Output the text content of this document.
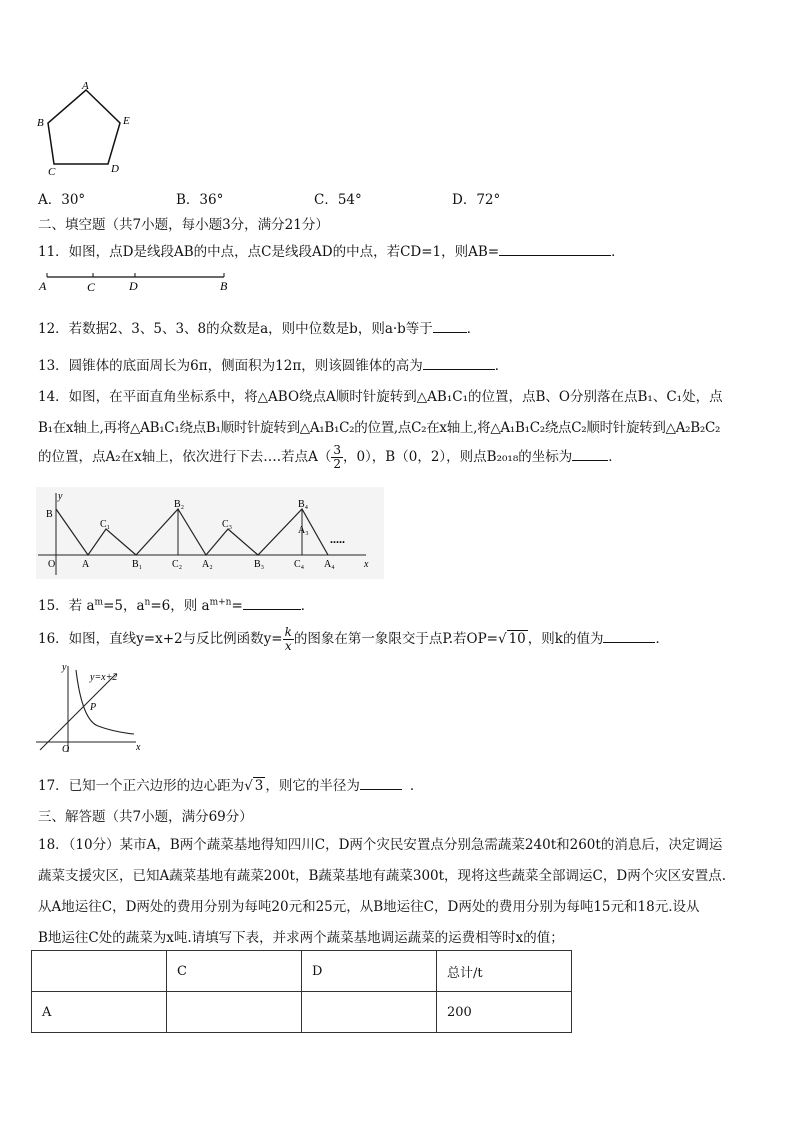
A
B	E
C	D
A．30°	B．36°	C．54°	D．72°
二、填空题（共7小题，每小题3分，满分21分）
11．如图，点D是线段AB的中点，点C是线段AD的中点，若CD=1，则AB=	．
A	C	D	B
12．若数据2、3、5、3、8的众数是a，则中位数是b，则a·b等于	．
13．圆锥体的底面周长为6π，侧面积为12π，则该圆锥体的高为	．
14．如图，在平面直角坐标系中，将△ABO绕点A顺时针旋转到△AB₁C₁的位置，点B、O分别落在点B₁、C₁处，点
B₁在x轴上,再将△AB₁C₁绕点B₁顺时针旋转到△A₁B₁C₂的位置,点C₂在x轴上,将△A₁B₁C₂绕点C₂顺时针旋转到△A₂B₂C₂
的位置，点A₂在x轴上，依次进行下去….若点$A( \frac{3}{2}$ ，0），B（0，2），则点B₂₀₁₈的坐标为	．
y
x
B
O	A
C₁
B₁
B₂
C₂ A₂
C₃
B₃
B₄
A₃
C₄ A₄
.....
15．若 $a^m=5$，$a^n=6$，则 $a^{m+n}=$	．
16．如图，直线y=x+2与反比例函数$y= \frac{k}{x}$ 的图象在第一象限交于点P.若OP=√ 10 ，则k的值为	．
y
x
O
P
y=x+2
17．已知一个正六边形的边心距为√ 3 ，则它的半径为	．
三、解答题（共7小题，满分69分）
18．（10分）某市A，B两个蔬菜基地得知四川C，D两个灾民安置点分别急需蔬菜240t和260t的消息后，决定调运
蔬菜支援灾区，已知A蔬菜基地有蔬菜200t，B蔬菜基地有蔬菜300t，现将这些蔬菜全部调运C，D两个灾区安置点.
从A地运往C，D两处的费用分别为每吨20元和25元，从B地运往C，D两处的费用分别为每吨15元和18元.设从
B地运往C处的蔬菜为x吨.请填写下表，并求两个蔬菜基地调运蔬菜的运费相等时x的值；
	C	D	总计/t
A			200
